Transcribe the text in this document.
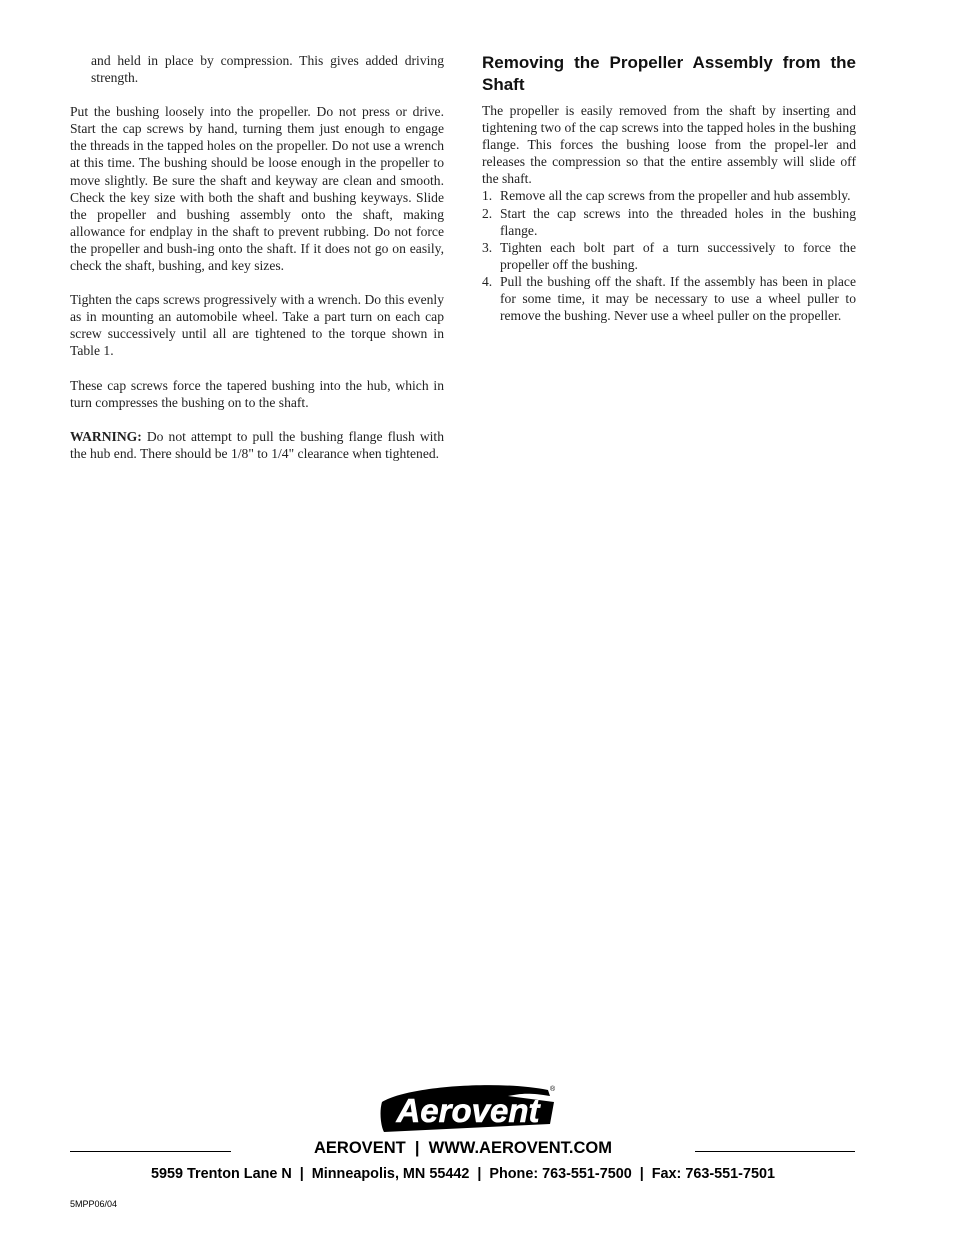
and held in place by compression. This gives added driving strength.

Put the bushing loosely into the propeller. Do not press or drive. Start the cap screws by hand, turning them just enough to engage the threads in the tapped holes on the propeller. Do not use a wrench at this time. The bushing should be loose enough in the propeller to move slightly. Be sure the shaft and keyway are clean and smooth. Check the key size with both the shaft and bushing keyways. Slide the propeller and bushing assembly onto the shaft, making allowance for endplay in the shaft to prevent rubbing. Do not force the propeller and bush-ing onto the shaft. If it does not go on easily, check the shaft, bushing, and key sizes.

Tighten the caps screws progressively with a wrench. Do this evenly as in mounting an automobile wheel. Take a part turn on each cap screw successively until all are tightened to the torque shown in Table 1.

These cap screws force the tapered bushing into the hub, which in turn compresses the bushing on to the shaft.

WARNING: Do not attempt to pull the bushing flange flush with the hub end. There should be 1/8" to 1/4" clearance when tightened.

Removing the Propeller Assembly from the Shaft

The propeller is easily removed from the shaft by inserting and tightening two of the cap screws into the tapped holes in the bushing flange. This forces the bushing loose from the propel-ler and releases the compression so that the entire assembly will slide off the shaft.

1. Remove all the cap screws from the propeller and hub assembly.
2. Start the cap screws into the threaded holes in the bushing flange.
3. Tighten each bolt part of a turn successively to force the propeller off the bushing.
4. Pull the bushing off the shaft. If the assembly has been in place for some time, it may be necessary to use a wheel puller to remove the bushing. Never use a wheel puller on the propeller.
Aerovent
®
AEROVENT  |  WWW.AEROVENT.COM
5959 Trenton Lane N  |  Minneapolis, MN 55442  |  Phone: 763-551-7500  |  Fax: 763-551-7501
5MPP06/04
